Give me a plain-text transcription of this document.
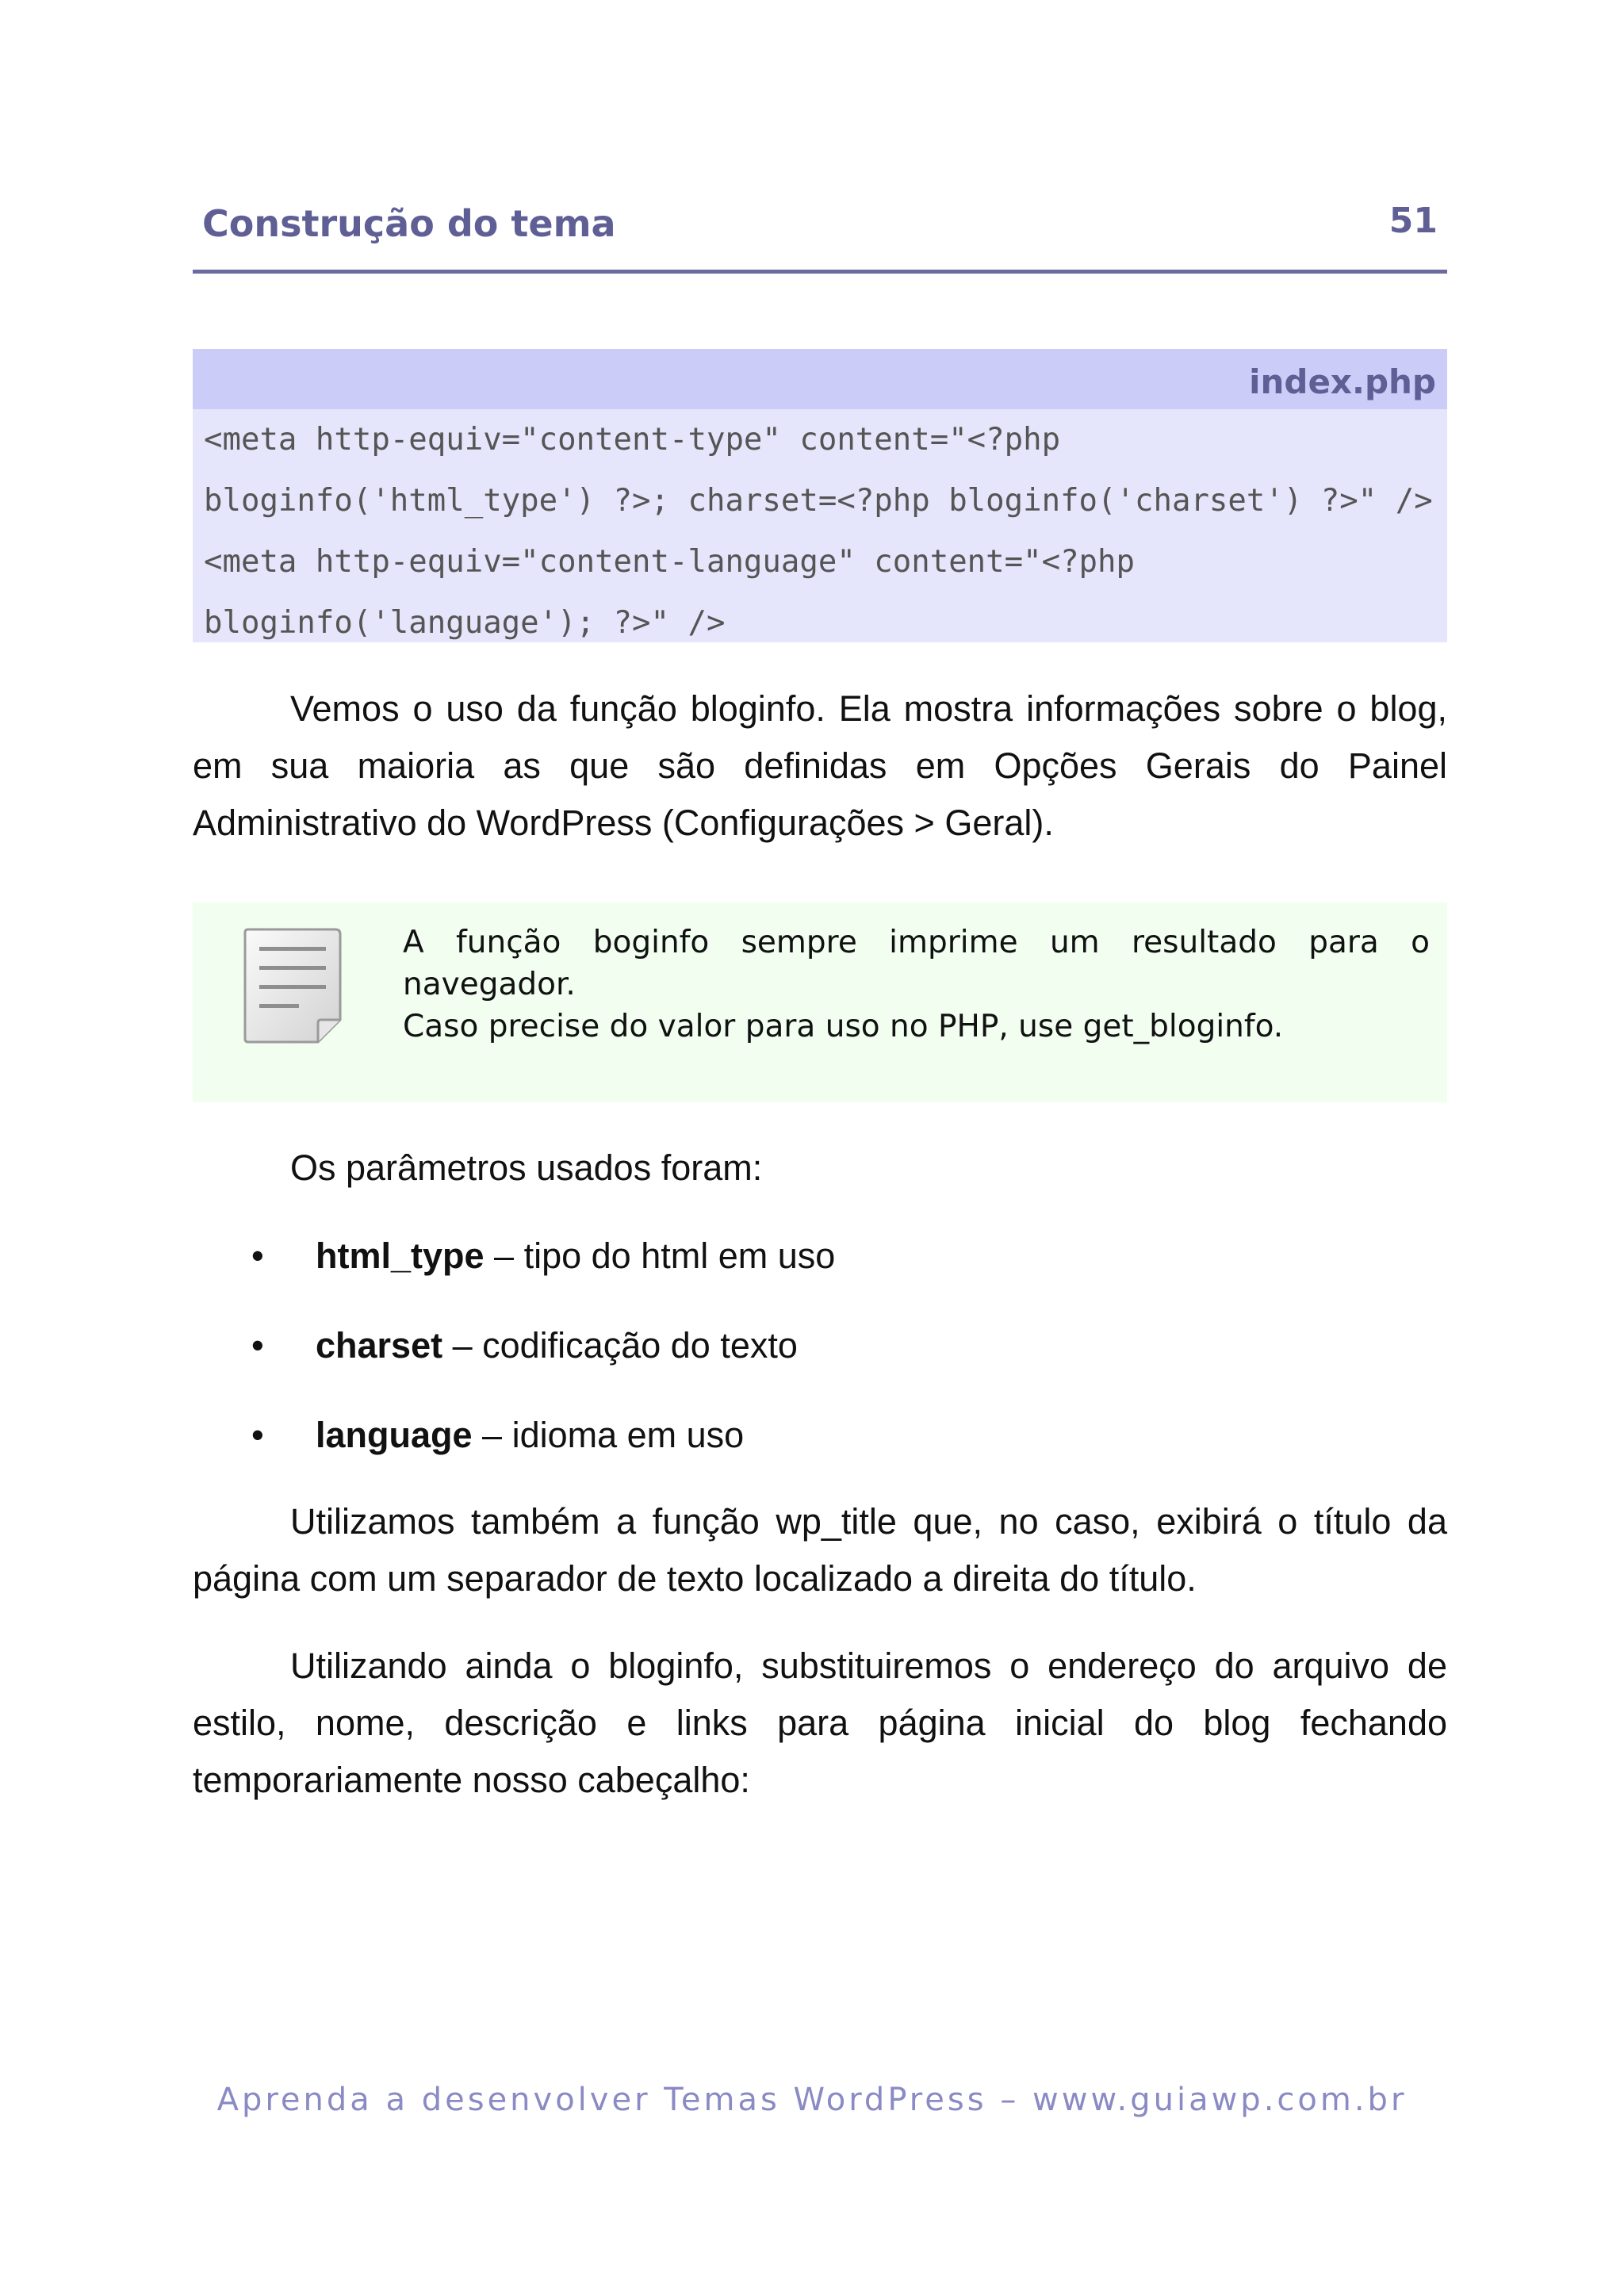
Construção do tema	51
index.php
<meta http-equiv="content-type" content="<?php
bloginfo('html_type') ?>; charset=<?php bloginfo('charset') ?>" />
<meta http-equiv="content-language" content="<?php
bloginfo('language'); ?>" />

Vemos o uso da função bloginfo. Ela mostra informações sobre o blog, em sua maioria as que são definidas em Opções Gerais do Painel Administrativo do WordPress (Configurações > Geral).

A função boginfo sempre imprime um resultado para o navegador.
Caso precise do valor para uso no PHP, use get_bloginfo.

Os parâmetros usados foram:

• html_type – tipo do html em uso
• charset – codificação do texto
• language – idioma em uso

Utilizamos também a função wp_title que, no caso, exibirá o título da página com um separador de texto localizado a direita do título.

Utilizando ainda o bloginfo, substituiremos o endereço do arquivo de estilo, nome, descrição e links para página inicial do blog fechando temporariamente nosso cabeçalho:

Aprenda a desenvolver Temas WordPress – www.guiawp.com.br
